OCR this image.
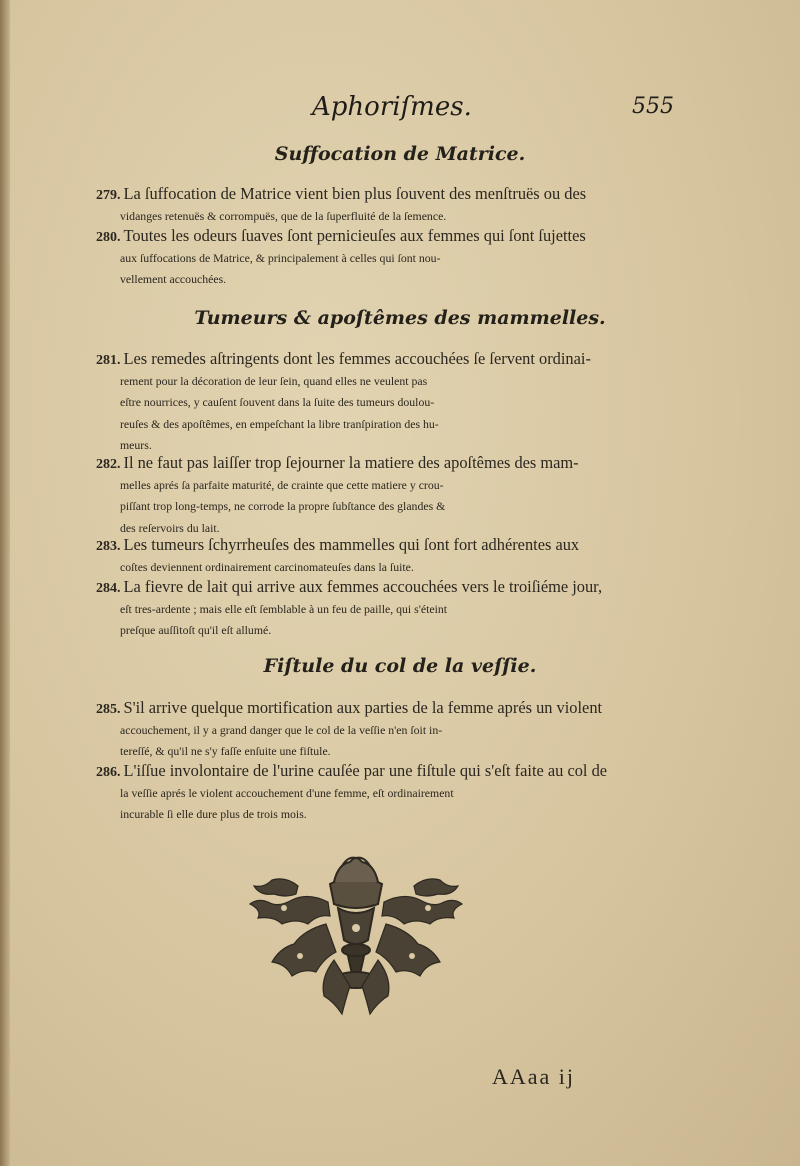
Aphoriſmes.	555
Suffocation de Matrice.
279. La ſuffocation de Matrice vient bien plus ſouvent des menſtruës ou des
vidanges retenuës & corrompuës, que de la ſuperfluité de la ſemence.
280. Toutes les odeurs ſuaves ſont pernicieuſes aux femmes qui ſont ſujettes
aux ſuffocations de Matrice, & principalement à celles qui ſont nou-
vellement accouchées.
Tumeurs & apoſtêmes des mammelles.
281. Les remedes aſtringents dont les femmes accouchées ſe ſervent ordinai-
rement pour la décoration de leur ſein, quand elles ne veulent pas
eſtre nourrices, y cauſent ſouvent dans la ſuite des tumeurs doulou-
reuſes & des apoſtêmes, en empeſchant la libre tranſpiration des hu-
meurs.
282. Il ne faut pas laiſſer trop ſejourner la matiere des apoſtêmes des mam-
melles aprés ſa parfaite maturité, de crainte que cette matiere y crou-
piſſant trop long-temps, ne corrode la propre ſubſtance des glandes &
des reſervoirs du lait.
283. Les tumeurs ſchyrrheuſes des mammelles qui ſont fort adhérentes aux
coſtes deviennent ordinairement carcinomateuſes dans la ſuite.
284. La fievre de lait qui arrive aux femmes accouchées vers le troiſiéme jour,
eſt tres-ardente ; mais elle eſt ſemblable à un feu de paille, qui s'éteint
preſque auſſitoſt qu'il eſt allumé.
Fiſtule du col de la veſſie.
285. S'il arrive quelque mortification aux parties de la femme aprés un violent
accouchement, il y a grand danger que le col de la veſſie n'en ſoit in-
tereſſé, & qu'il ne s'y faſſe enſuite une fiſtule.
286. L'iſſue involontaire de l'urine cauſée par une fiſtule qui s'eſt faite au col de
la veſſie aprés le violent accouchement d'une femme, eſt ordinairement
incurable ſi elle dure plus de trois mois.
AAaa ij
